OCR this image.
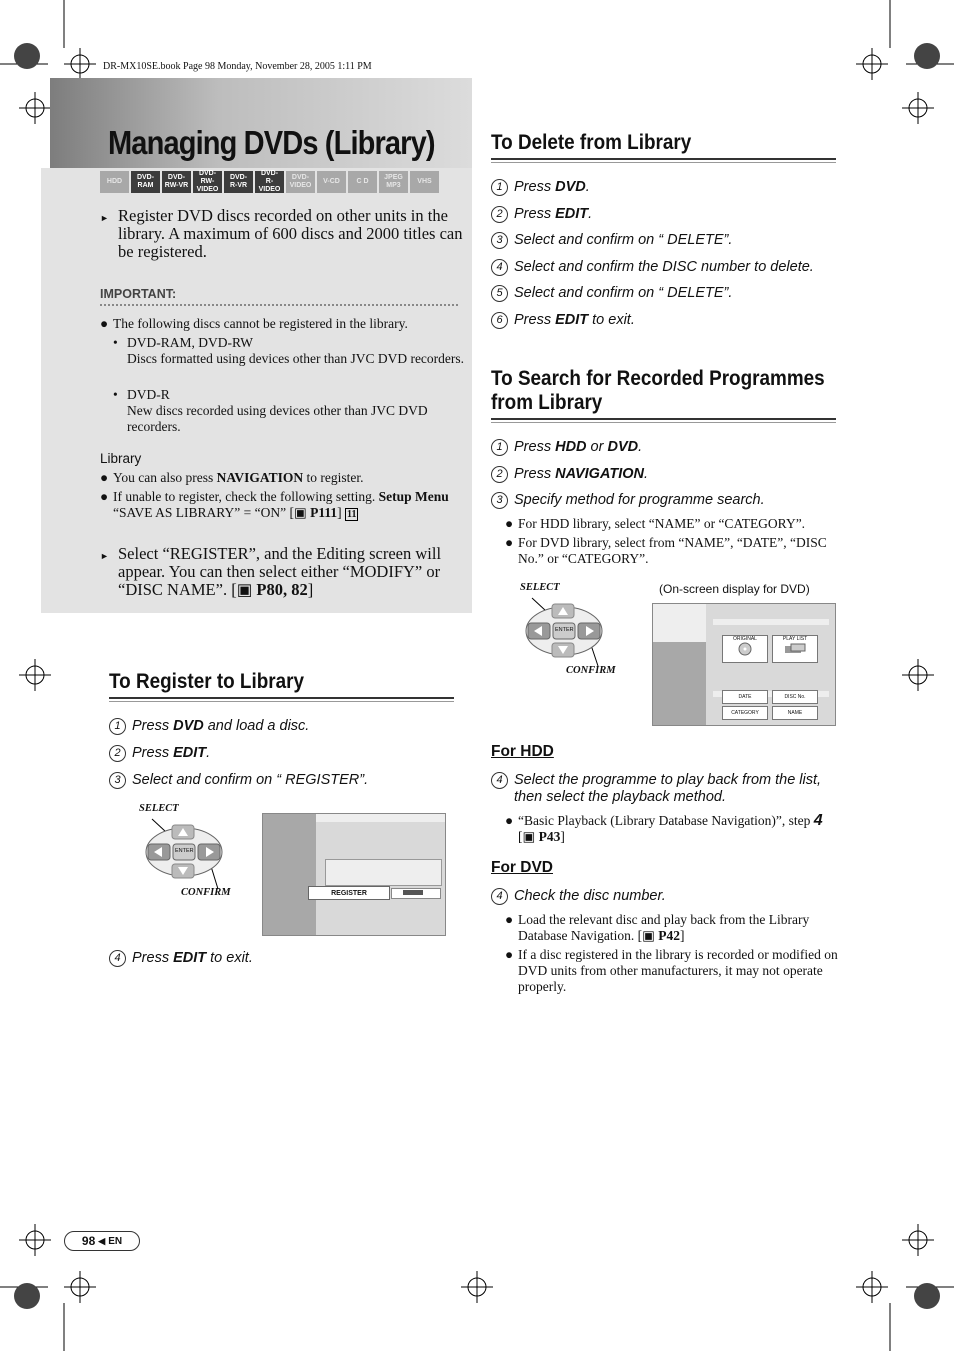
DR-MX10SE.book Page 98 Monday, November 28, 2005 1:11 PM
Managing DVDs (Library)
HDD
DVD-
RAM
DVD-
RW-VR
DVD-
RW-VIDEO
DVD-
R-VR
DVD-
R-VIDEO
DVD-
VIDEO
V-CD	C D
JPEG
MP3
VHS
► Register DVD discs recorded on other units in the library. A maximum of 600 discs and 2000 titles can be registered.
IMPORTANT:
● The following discs cannot be registered in the library.
• DVD-RAM, DVD-RW
Discs formatted using devices other than JVC DVD recorders.
• DVD-R
New discs recorded using devices other than JVC DVD recorders.
Library
● You can also press NAVIGATION to register.
● If unable to register, check the following setting. Setup Menu “SAVE AS LIBRARY” = “ON” [▣ P111] 11
► Select “REGISTER”, and the Editing screen will appear. You can then select either “MODIFY” or “DISC NAME”. [▣ P80, 82]
To Register to Library
1 Press DVD and load a disc.
2 Press EDIT.
3 Select and confirm on “ REGISTER”.
SELECT
ENTER
CONFIRM	REGISTER
To Delete from Library
1 Press DVD.
2 Press EDIT.
3 Select and confirm on “ DELETE”.
4 Select and confirm the DISC number to delete.
5 Select and confirm on “ DELETE”.
6 Press EDIT to exit.
To Search for Recorded Programmes
from Library
1 Press HDD or DVD.
2 Press NAVIGATION.
3 Specify method for programme search.
● For HDD library, select “NAME” or “CATEGORY”.
● For DVD library, select from “NAME”, “DATE”, “DISC No.” or “CATEGORY”.
SELECT
ENTER
CONFIRM
(On-screen display for DVD)
ORIGINAL	PLAY LIST
DATE	DISC No.
CATEGORY	NAME
For HDD
4 Select the programme to play back from the list, then select the playback method.
● “Basic Playback (Library Database Navigation)”, step 4 [▣ P43]
For DVD
4 Check the disc number.
● Load the relevant disc and play back from the Library Database Navigation. [▣ P42]
● If a disc registered in the library is recorded or modified on DVD units from other manufacturers, it may not operate properly.
98 ◀ EN
4 Press EDIT to exit.
